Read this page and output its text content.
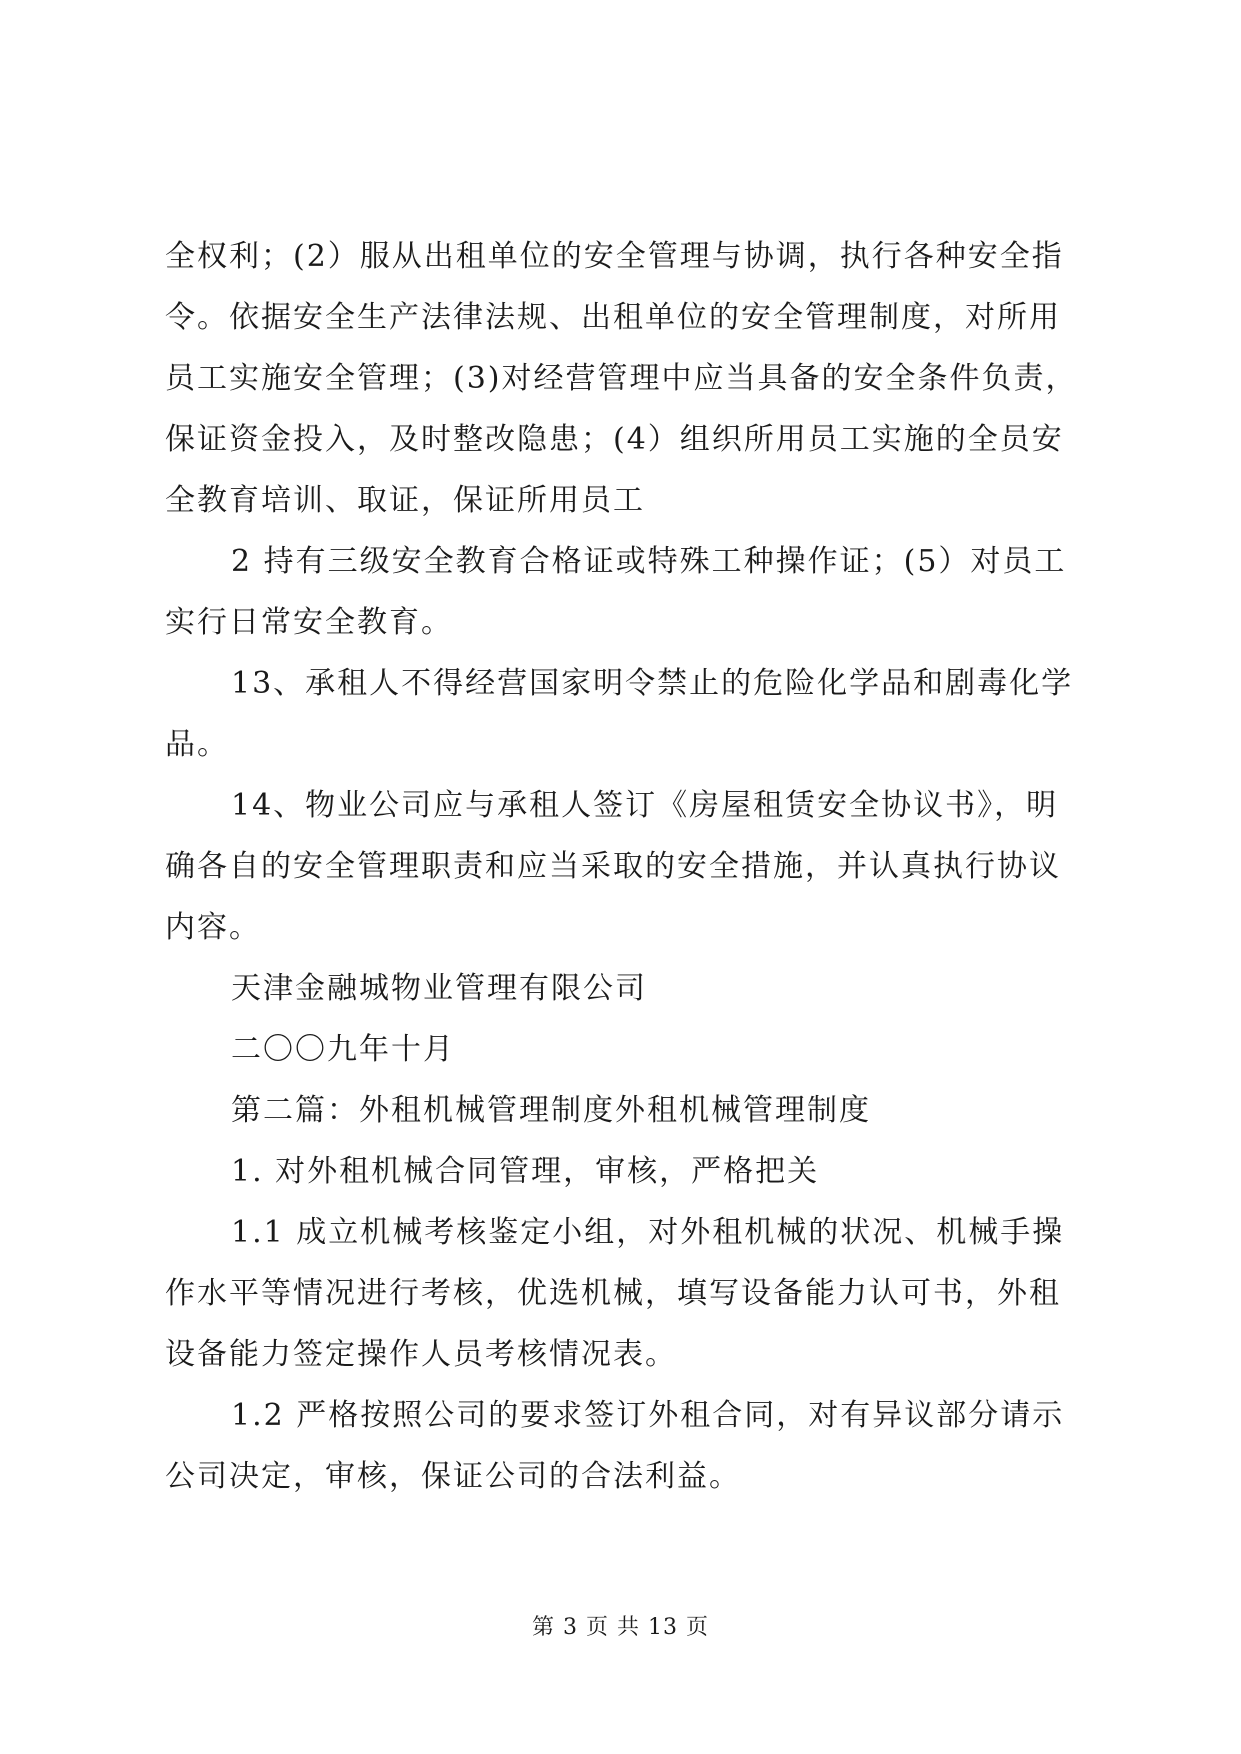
全权利；(2）服从出租单位的安全管理与协调，执行各种安全指
令。依据安全生产法律法规、出租单位的安全管理制度，对所用
员工实施安全管理；(3)对经营管理中应当具备的安全条件负责，
保证资金投入，及时整改隐患；(4）组织所用员工实施的全员安
全教育培训、取证，保证所用员工
2 持有三级安全教育合格证或特殊工种操作证；(5）对员工
实行日常安全教育。
13、承租人不得经营国家明令禁止的危险化学品和剧毒化学
品。
14、物业公司应与承租人签订《房屋租赁安全协议书》，明
确各自的安全管理职责和应当采取的安全措施，并认真执行协议
内容。
天津金融城物业管理有限公司
二〇〇九年十月
第二篇：外租机械管理制度外租机械管理制度
1. 对外租机械合同管理，审核，严格把关
1.1 成立机械考核鉴定小组，对外租机械的状况、机械手操
作水平等情况进行考核，优选机械，填写设备能力认可书，外租
设备能力签定操作人员考核情况表。
1.2 严格按照公司的要求签订外租合同，对有异议部分请示
公司决定，审核，保证公司的合法利益。
第 3 页 共 13 页
